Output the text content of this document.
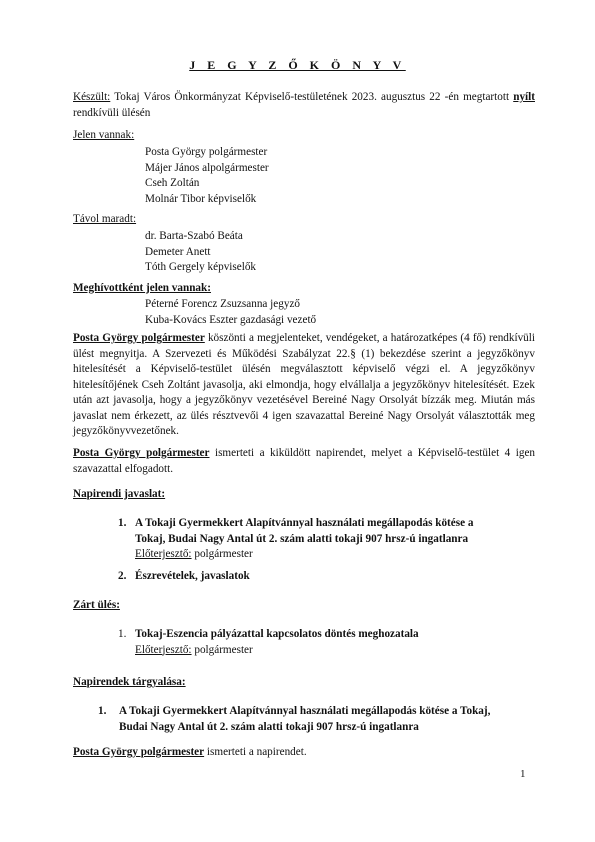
J E G Y Z Ő K Ö N Y V
Készült: Tokaj Város Önkormányzat Képviselő-testületének 2023. augusztus 22 -én megtartott nyílt rendkívüli ülésén
Jelen vannak:
Posta György polgármester
Májer János alpolgármester
Cseh Zoltán
Molnár Tibor képviselők
Távol maradt:
dr. Barta-Szabó Beáta
Demeter Anett
Tóth Gergely képviselők
Meghívottként jelen vannak:
Péterné Forencz Zsuzsanna jegyző
Kuba-Kovács Eszter gazdasági vezető
Posta György polgármester köszönti a megjelenteket, vendégeket, a határozatképes (4 fő) rendkívüli ülést megnyitja. A Szervezeti és Működési Szabályzat 22.§ (1) bekezdése szerint a jegyzőkönyv hitelesítését a Képviselő-testület ülésén megválasztott képviselő végzi el. A jegyzőkönyv hitelesítőjének Cseh Zoltánt javasolja, aki elmondja, hogy elvállalja a jegyzőkönyv hitelesítését. Ezek után azt javasolja, hogy a jegyzőkönyv vezetésével Bereiné Nagy Orsolyát bízzák meg. Miután más javaslat nem érkezett, az ülés résztvevői 4 igen szavazattal Bereiné Nagy Orsolyát választották meg jegyzőkönyvvezetőnek.
Posta György polgármester ismerteti a kiküldött napirendet, melyet a Képviselő-testület 4 igen szavazattal elfogadott.
Napirendi javaslat:
1. A Tokaji Gyermekkert Alapítvánnyal használati megállapodás kötése a
Tokaj, Budai Nagy Antal út 2. szám alatti tokaji 907 hrsz-ú ingatlanra
Előterjesztő: polgármester
2. Észrevételek, javaslatok
Zárt ülés:
1. Tokaj-Eszencia pályázattal kapcsolatos döntés meghozatala
Előterjesztő: polgármester
Napirendek tárgyalása:
1. A Tokaji Gyermekkert Alapítvánnyal használati megállapodás kötése a Tokaj,
Budai Nagy Antal út 2. szám alatti tokaji 907 hrsz-ú ingatlanra
Posta György polgármester ismerteti a napirendet.
1
